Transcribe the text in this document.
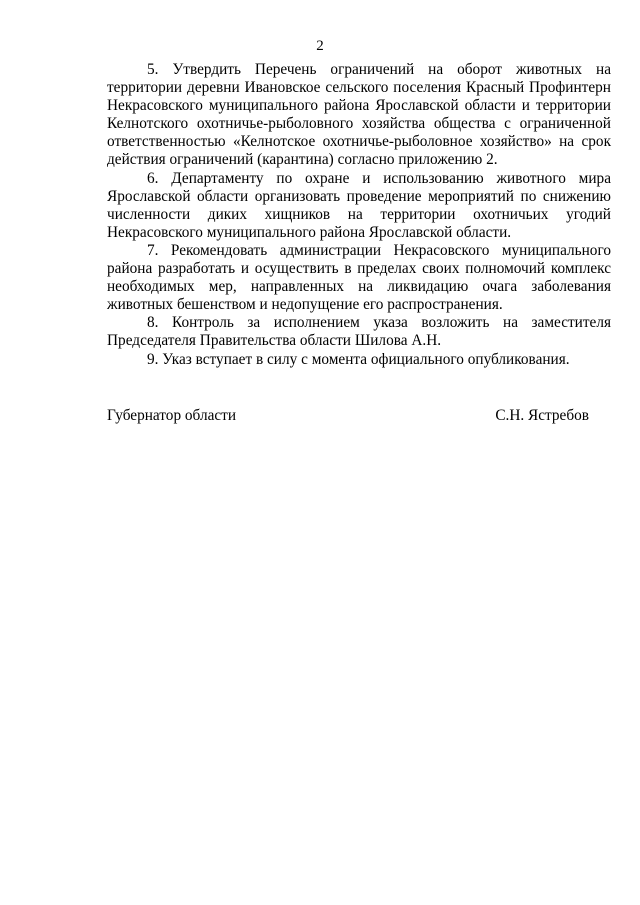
2

5. Утвердить Перечень ограничений на оборот животных на территории деревни Ивановское сельского поселения Красный Профинтерн Некрасовского муниципального района Ярославской области и территории Келнотского охотничье-рыболовного хозяйства общества с ограниченной ответственностью «Келнотское охотничье-рыболовное хозяйство» на срок действия ограничений (карантина) согласно приложению 2.

6. Департаменту по охране и использованию животного мира Ярославской области организовать проведение мероприятий по снижению численности диких хищников на территории охотничьих угодий Некрасовского муниципального района Ярославской области.

7. Рекомендовать администрации Некрасовского муниципального района разработать и осуществить в пределах своих полномочий комплекс необходимых мер, направленных на ликвидацию очага заболевания животных бешенством и недопущение его распространения.

8. Контроль за исполнением указа возложить на заместителя Председателя Правительства области Шилова А.Н.

9. Указ вступает в силу с момента официального опубликования.

Губернатор области	С.Н. Ястребов
